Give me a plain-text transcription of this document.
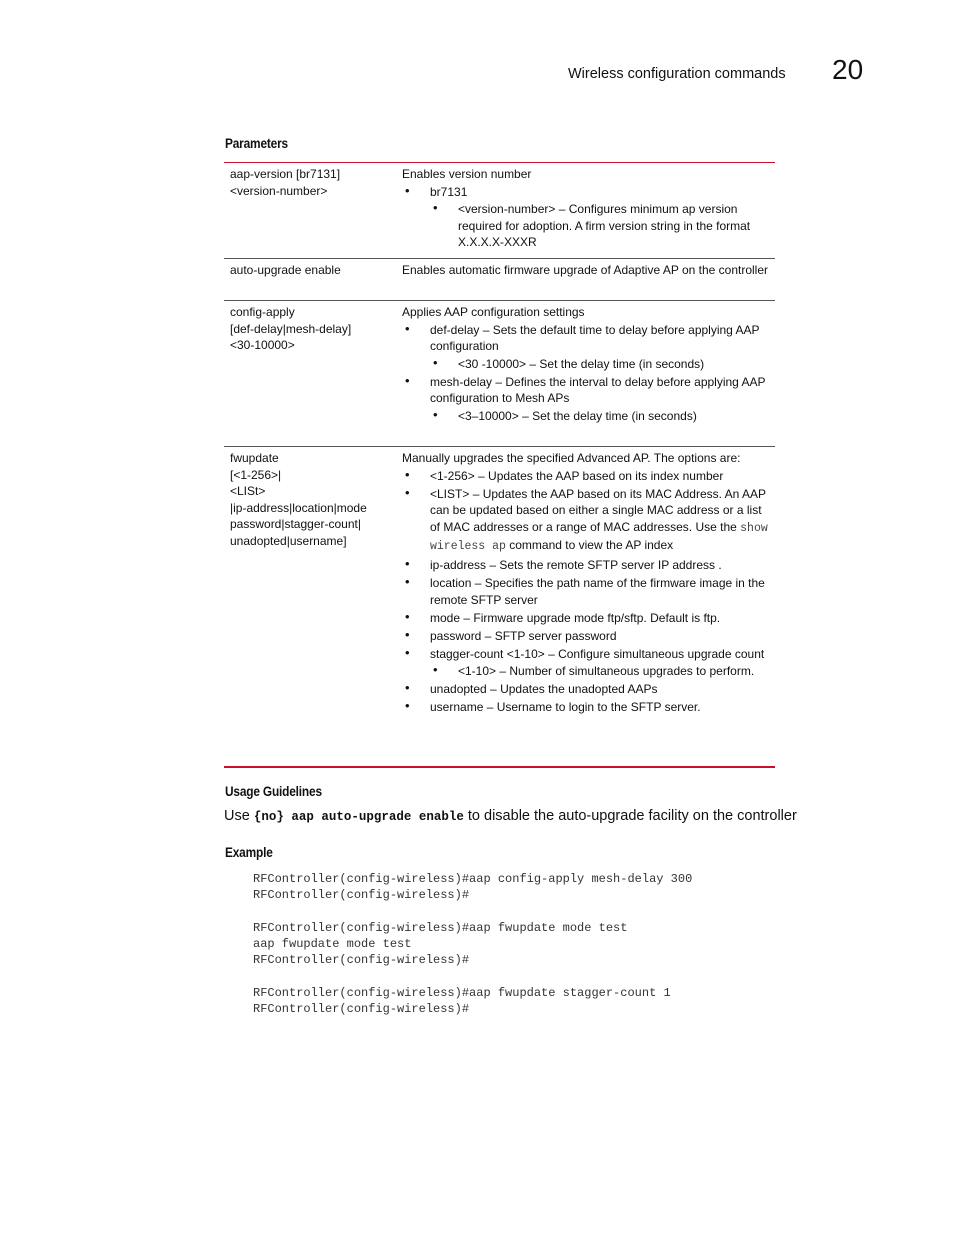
Wireless configuration commands 20
Parameters
aap-version [br7131]
<version-number>
Enables version number
• br7131
• <version-number> – Configures minimum ap version required for adoption. A firm version string in the format X.X.X.X-XXXR
auto-upgrade enable	Enables automatic firmware upgrade of Adaptive AP on the controller
config-apply
[def-delay|mesh-delay]
<30-10000>
Applies AAP configuration settings
• def-delay – Sets the default time to delay before applying AAP configuration
• <30 -10000> – Set the delay time (in seconds)
• mesh-delay – Defines the interval to delay before applying AAP configuration to Mesh APs
• <3–10000> – Set the delay time (in seconds)
fwupdate
[<1-256>|
<LISt>
|ip-address|location|mode
password|stagger-count|
unadopted|username]
Manually upgrades the specified Advanced AP. The options are:
• <1-256> – Updates the AAP based on its index number
• <LIST> – Updates the AAP based on its MAC Address. An AAP can be updated based on either a single MAC address or a list of MAC addresses or a range of MAC addresses. Use the show wireless ap command to view the AP index
• ip-address – Sets the remote SFTP server IP address .
• location – Specifies the path name of the firmware image in the remote SFTP server
• mode – Firmware upgrade mode ftp/sftp. Default is ftp.
• password – SFTP server password
• stagger-count <1-10> – Configure simultaneous upgrade count
• <1-10> – Number of simultaneous upgrades to perform.
• unadopted – Updates the unadopted AAPs
• username – Username to login to the SFTP server.
Usage Guidelines
Use {no} aap auto-upgrade enable to disable the auto-upgrade facility on the controller
Example
RFController(config-wireless)#aap config-apply mesh-delay 300
RFController(config-wireless)#

RFController(config-wireless)#aap fwupdate mode test
aap fwupdate mode test
RFController(config-wireless)#

RFController(config-wireless)#aap fwupdate stagger-count 1
RFController(config-wireless)#
